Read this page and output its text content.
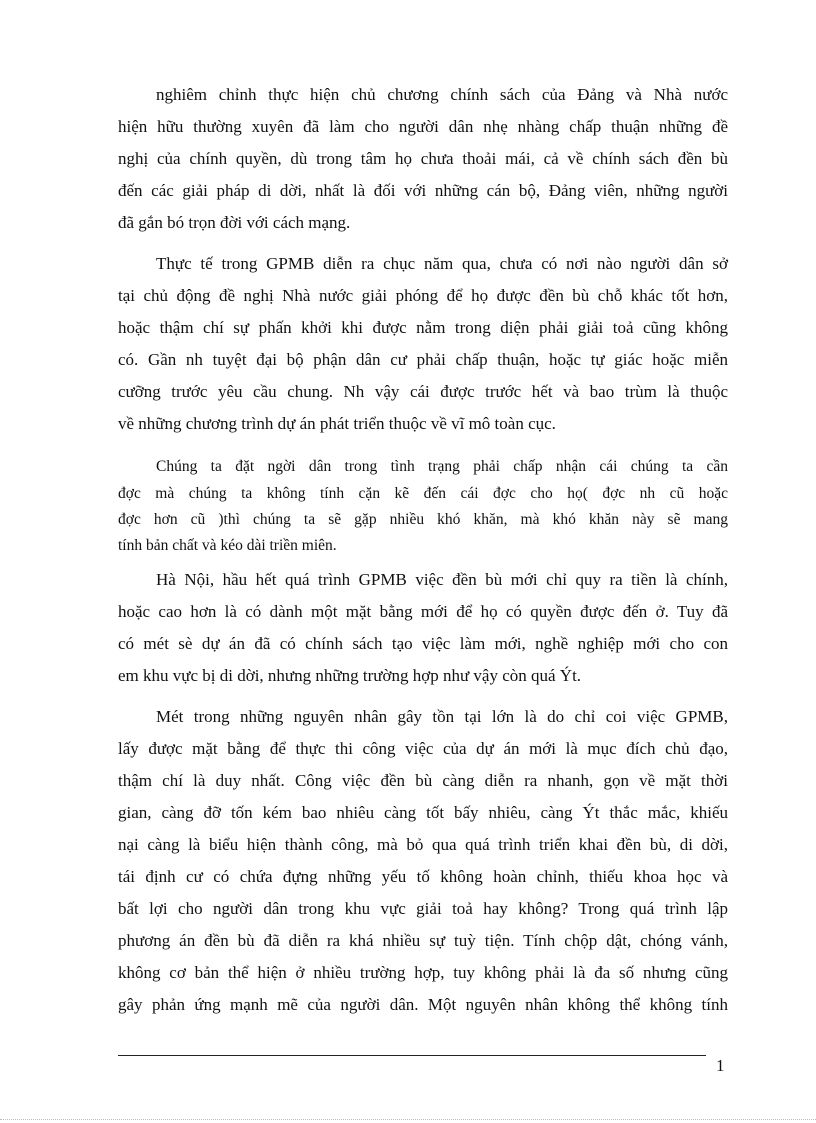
nghiêm chỉnh thực hiện chủ chương chính sách của Đảng và Nhà nước
hiện hữu thường xuyên đã làm cho người dân nhẹ nhàng chấp thuận những đề
nghị của chính quyền, dù trong tâm họ chưa thoải mái, cả về chính sách đền bù
đến các giải pháp di dời, nhất là đối với những cán bộ, Đảng viên, những người
đã gắn bó trọn đời với cách mạng.
Thực tế trong GPMB diễn ra chục năm qua, chưa có nơi nào người dân sở
tại chủ động đề nghị Nhà nước giải phóng để họ được đền bù chỗ khác tốt hơn,
hoặc thậm chí sự phấn khởi khi được nằm trong diện phải giải toả cũng không
có. Gần nh tuyệt đại bộ phận dân cư phải chấp thuận, hoặc tự giác hoặc miễn
cưỡng trước yêu cầu chung. Nh vậy cái được trước hết và bao trùm là thuộc
về những chương trình dự án phát triển thuộc về vĩ mô toàn cục.
Chúng ta đặt ngời dân trong tình trạng phải chấp nhận cái chúng ta cần
đợc mà chúng ta không tính cặn kẽ đến cái đợc cho họ( đợc nh cũ hoặc
đợc hơn cũ )thì chúng ta sẽ gặp nhiều khó khăn, mà khó khăn này sẽ mang
tính bản chất và kéo dài triền miên.
Hà Nội, hầu hết quá trình GPMB việc đền bù mới chỉ quy ra tiền là chính,
hoặc cao hơn là có dành một mặt bằng mới để họ có quyền được đến ở. Tuy đã
có mét sè dự án đã có chính sách tạo việc làm mới, nghề nghiệp mới cho con
em khu vực bị di dời, nhưng những trường hợp như vậy còn quá Ýt.
Mét trong những nguyên nhân gây tồn tại lớn là do chỉ coi việc GPMB,
lấy được mặt bằng để thực thi công việc của dự án mới là mục đích chủ đạo,
thậm chí là duy nhất. Công việc đền bù càng diễn ra nhanh, gọn về mặt thời
gian, càng đỡ tốn kém bao nhiêu càng tốt bấy nhiêu, càng Ýt thắc mắc, khiếu
nại càng là biểu hiện thành công, mà bỏ qua quá trình triển khai đền bù, di dời,
tái định cư có chứa đựng những yếu tố không hoàn chỉnh, thiếu khoa học và
bất lợi cho người dân trong khu vực giải toả hay không? Trong quá trình lập
phương án đền bù đã diễn ra khá nhiều sự tuỳ tiện. Tính chộp dật, chóng vánh,
không cơ bản thể hiện ở nhiều trường hợp, tuy không phải là đa số nhưng cũng
gây phản ứng mạnh mẽ của người dân. Một nguyên nhân không thể không tính
1
